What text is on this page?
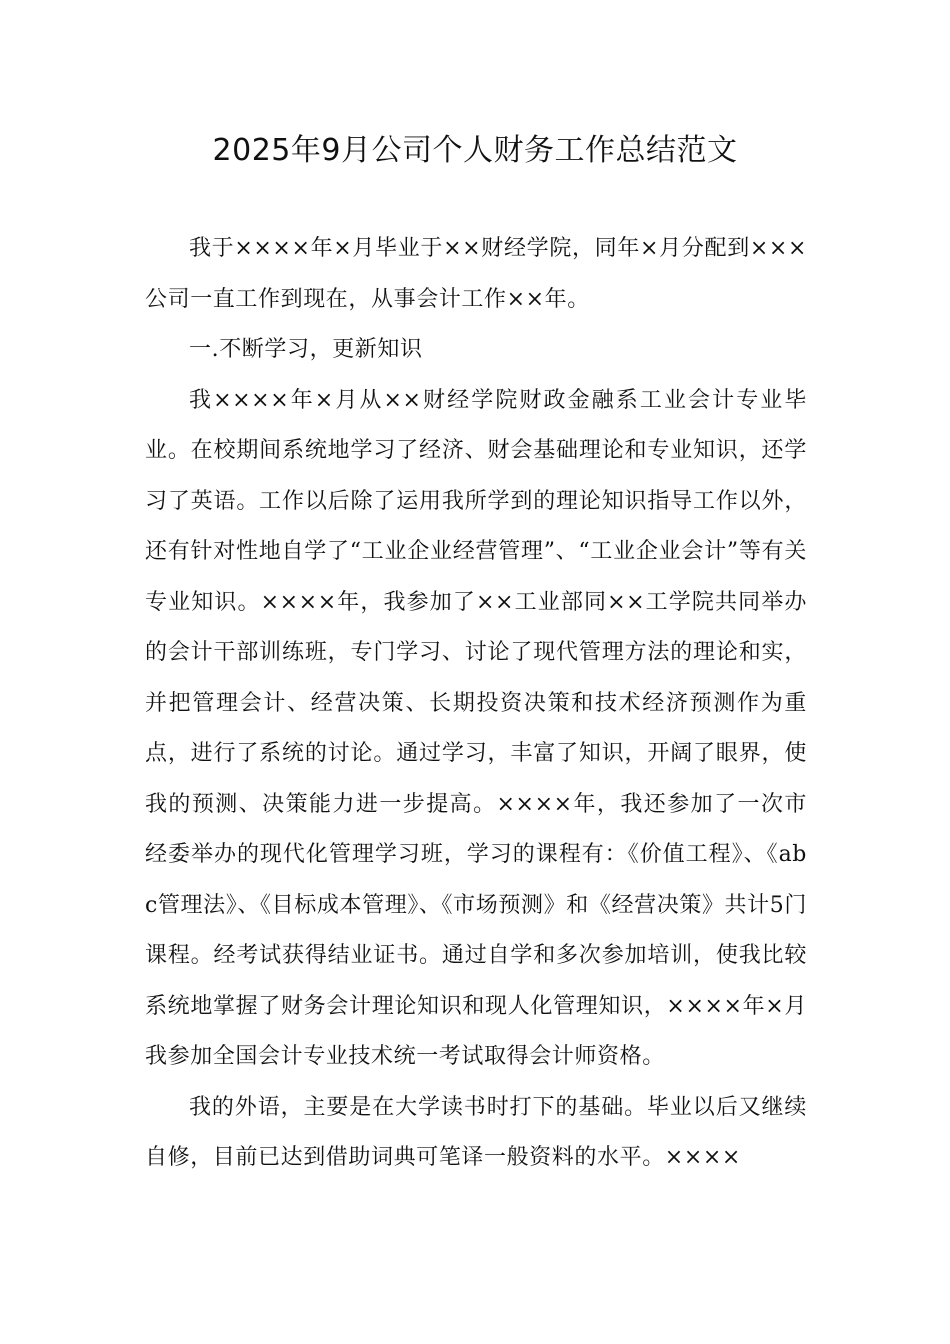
2025年9月公司个人财务工作总结范文

我于××××年×月毕业于××财经学院，同年×月分配到×××公司一直工作到现在，从事会计工作××年。

一.不断学习，更新知识

我××××年×月从××财经学院财政金融系工业会计专业毕业。在校期间系统地学习了经济、财会基础理论和专业知识，还学习了英语。工作以后除了运用我所学到的理论知识指导工作以外，还有针对性地自学了“工业企业经营管理”、“工业企业会计”等有关专业知识。××××年，我参加了××工业部同××工学院共同举办的会计干部训练班，专门学习、讨论了现代管理方法的理论和实，并把管理会计、经营决策、长期投资决策和技术经济预测作为重点，进行了系统的讨论。通过学习，丰富了知识，开阔了眼界，使我的预测、决策能力进一步提高。××××年，我还参加了一次市经委举办的现代化管理学习班，学习的课程有：《价值工程》、《abc管理法》、《目标成本管理》、《市场预测》和《经营决策》共计5门课程。经考试获得结业证书。通过自学和多次参加培训，使我比较系统地掌握了财务会计理论知识和现人化管理知识，××××年×月我参加全国会计专业技术统一考试取得会计师资格。

我的外语，主要是在大学读书时打下的基础。毕业以后又继续自修，目前已达到借助词典可笔译一般资料的水平。××××
